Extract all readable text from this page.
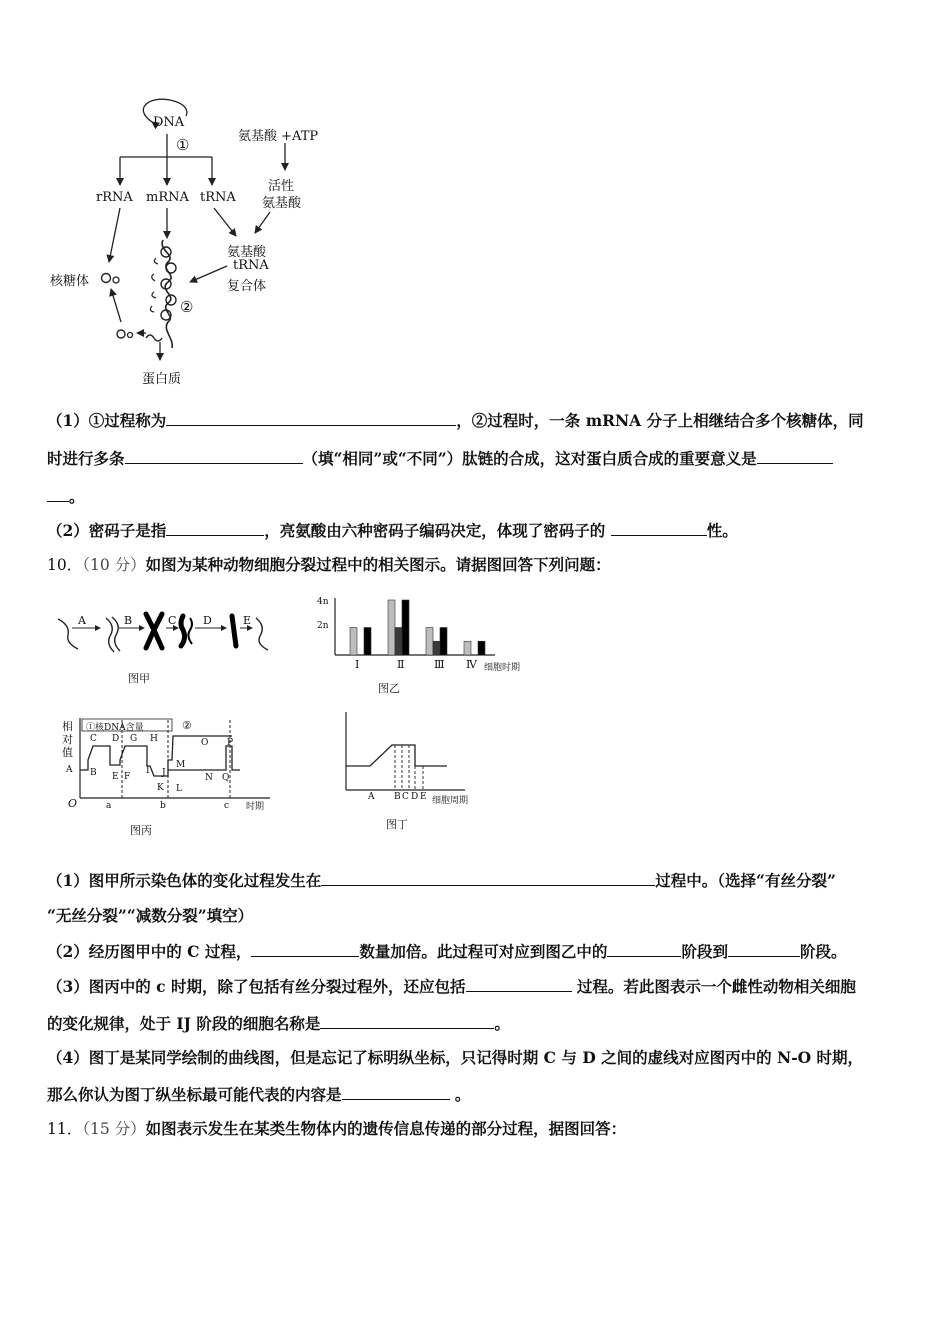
DNA
①	氨基酸 +ATP
活性
氨基酸
rRNA mRNA tRNA
氨基酸
tRNA
复合体
②
核糖体
蛋白质
（1）①过程称为	，②过程时，一条 mRNA 分子上相继结合多个核糖体，同
时进行多条	（填“相同”或“不同”）肽链的合成，这对蛋白质合成的重要意义是
。
（2）密码子是指	，亮氨酸由六种密码子编码决定，体现了密码子的	性。
10．（10 分）如图为某种动物细胞分裂过程中的相关图示。请据图回答下列问题：
A	B	C D	E
图甲
4n
2n
Ⅰ	Ⅱ	Ⅲ Ⅳ 细胞时期
图乙
相
对
值
①核DNA含量	②
A B
C D
E F
G H
I J
K L
M
N
O P
Q
O	a	b	c 时期
图丙
A B C D E 细胞周期
图丁
（1）图甲所示染色体的变化过程发生在	过程中。（选择“有丝分裂”
“无丝分裂”“减数分裂”填空）
（2）经历图甲中的 C 过程，	数量加倍。此过程可对应到图乙中的	阶段到	阶段。
（3）图丙中的 c 时期，除了包括有丝分裂过程外，还应包括	过程。若此图表示一个雌性动物相关细胞
的变化规律，处于 IJ 阶段的细胞名称是	。
（4）图丁是某同学绘制的曲线图，但是忘记了标明纵坐标，只记得时期 C 与 D 之间的虚线对应图丙中的 N-O 时期，
那么你认为图丁纵坐标最可能代表的内容是	。
11．（15 分）如图表示发生在某类生物体内的遗传信息传递的部分过程，据图回答：
